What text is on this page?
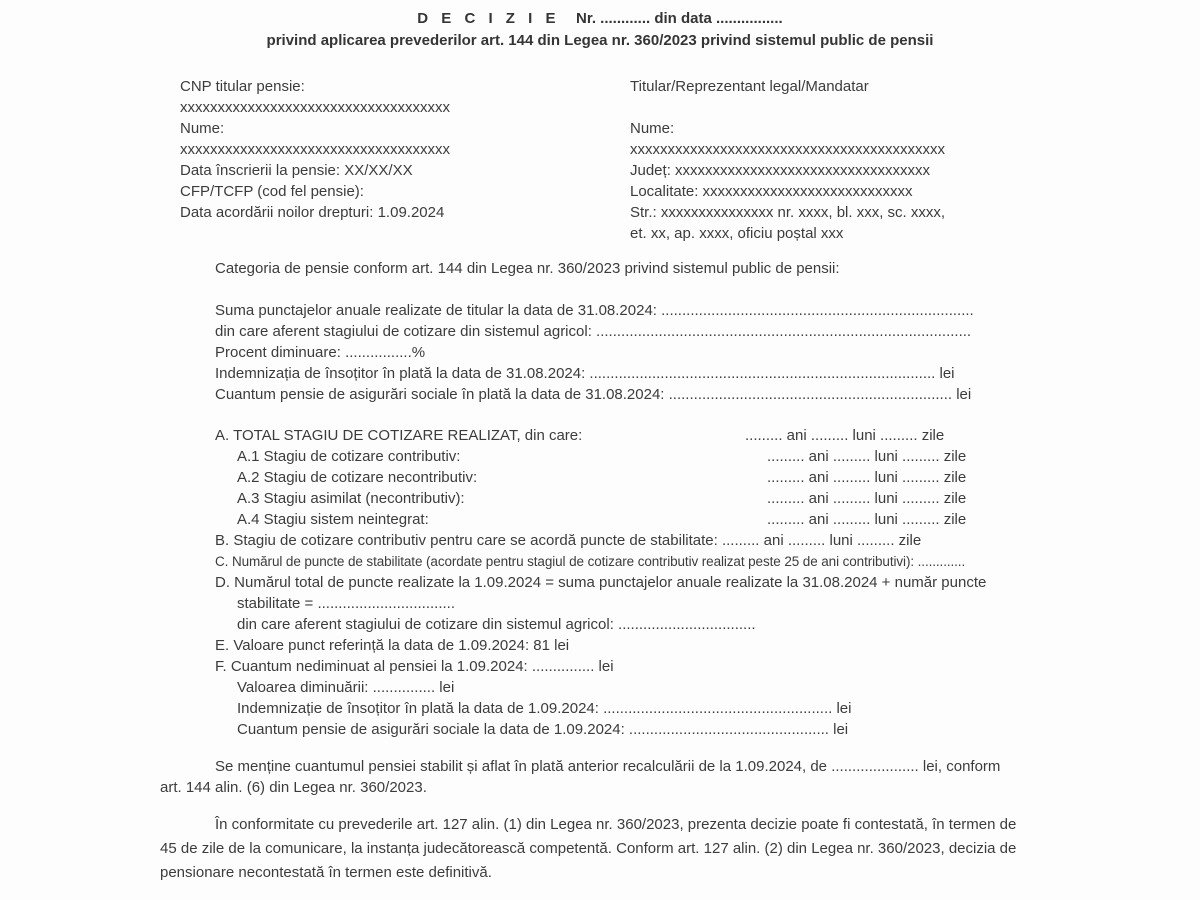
D E C I Z I E Nr. ............ din data ................
privind aplicarea prevederilor art. 144 din Legea nr. 360/2023 privind sistemul public de pensii
CNP titular pensie:
xxxxxxxxxxxxxxxxxxxxxxxxxxxxxxxxxxxx
Nume:
xxxxxxxxxxxxxxxxxxxxxxxxxxxxxxxxxxxx
Data înscrierii la pensie: XX/XX/XX
CFP/TCFP (cod fel pensie):
Data acordării noilor drepturi: 1.09.2024
Titular/Reprezentant legal/Mandatar
Nume:
xxxxxxxxxxxxxxxxxxxxxxxxxxxxxxxxxxxxxxxxxx
Județ: xxxxxxxxxxxxxxxxxxxxxxxxxxxxxxxxxx
Localitate: xxxxxxxxxxxxxxxxxxxxxxxxxxxx
Str.: xxxxxxxxxxxxxxx nr. xxxx, bl. xxx, sc. xxxx,
et. xx, ap. xxxx, oficiu poștal xxx
Categoria de pensie conform art. 144 din Legea nr. 360/2023 privind sistemul public de pensii:
Suma punctajelor anuale realizate de titular la data de 31.08.2024: ...........................................................................
din care aferent stagiului de cotizare din sistemul agricol: ..........................................................................................
Procent diminuare: ................%
Indemnizația de însoțitor în plată la data de 31.08.2024: ................................................................................... lei
Cuantum pensie de asigurări sociale în plată la data de 31.08.2024: .................................................................... lei
A. TOTAL STAGIU DE COTIZARE REALIZAT, din care:	......... ani ......... luni ......... zile
A.1 Stagiu de cotizare contributiv:	......... ani ......... luni ......... zile
A.2 Stagiu de cotizare necontributiv:	......... ani ......... luni ......... zile
A.3 Stagiu asimilat (necontributiv):	......... ani ......... luni ......... zile
A.4 Stagiu sistem neintegrat:	......... ani ......... luni ......... zile
B. Stagiu de cotizare contributiv pentru care se acordă puncte de stabilitate: ......... ani ......... luni ......... zile
C. Numărul de puncte de stabilitate (acordate pentru stagiul de cotizare contributiv realizat peste 25 de ani contributivi): .............
D. Numărul total de puncte realizate la 1.09.2024 = suma punctajelor anuale realizate la 31.08.2024 + număr puncte
stabilitate = .................................
din care aferent stagiului de cotizare din sistemul agricol: .................................
E. Valoare punct referință la data de 1.09.2024: 81 lei
F. Cuantum nediminuat al pensiei la 1.09.2024: ............... lei
Valoarea diminuării: ............... lei
Indemnizație de însoțitor în plată la data de 1.09.2024: ....................................................... lei
Cuantum pensie de asigurări sociale la data de 1.09.2024: ................................................ lei
Se menține cuantumul pensiei stabilit și aflat în plată anterior recalculării de la 1.09.2024, de ..................... lei, conform
art. 144 alin. (6) din Legea nr. 360/2023.
În conformitate cu prevederile art. 127 alin. (1) din Legea nr. 360/2023, prezenta decizie poate fi contestată, în termen de
45 de zile de la comunicare, la instanța judecătorească competentă. Conform art. 127 alin. (2) din Legea nr. 360/2023, decizia de
pensionare necontestată în termen este definitivă.
